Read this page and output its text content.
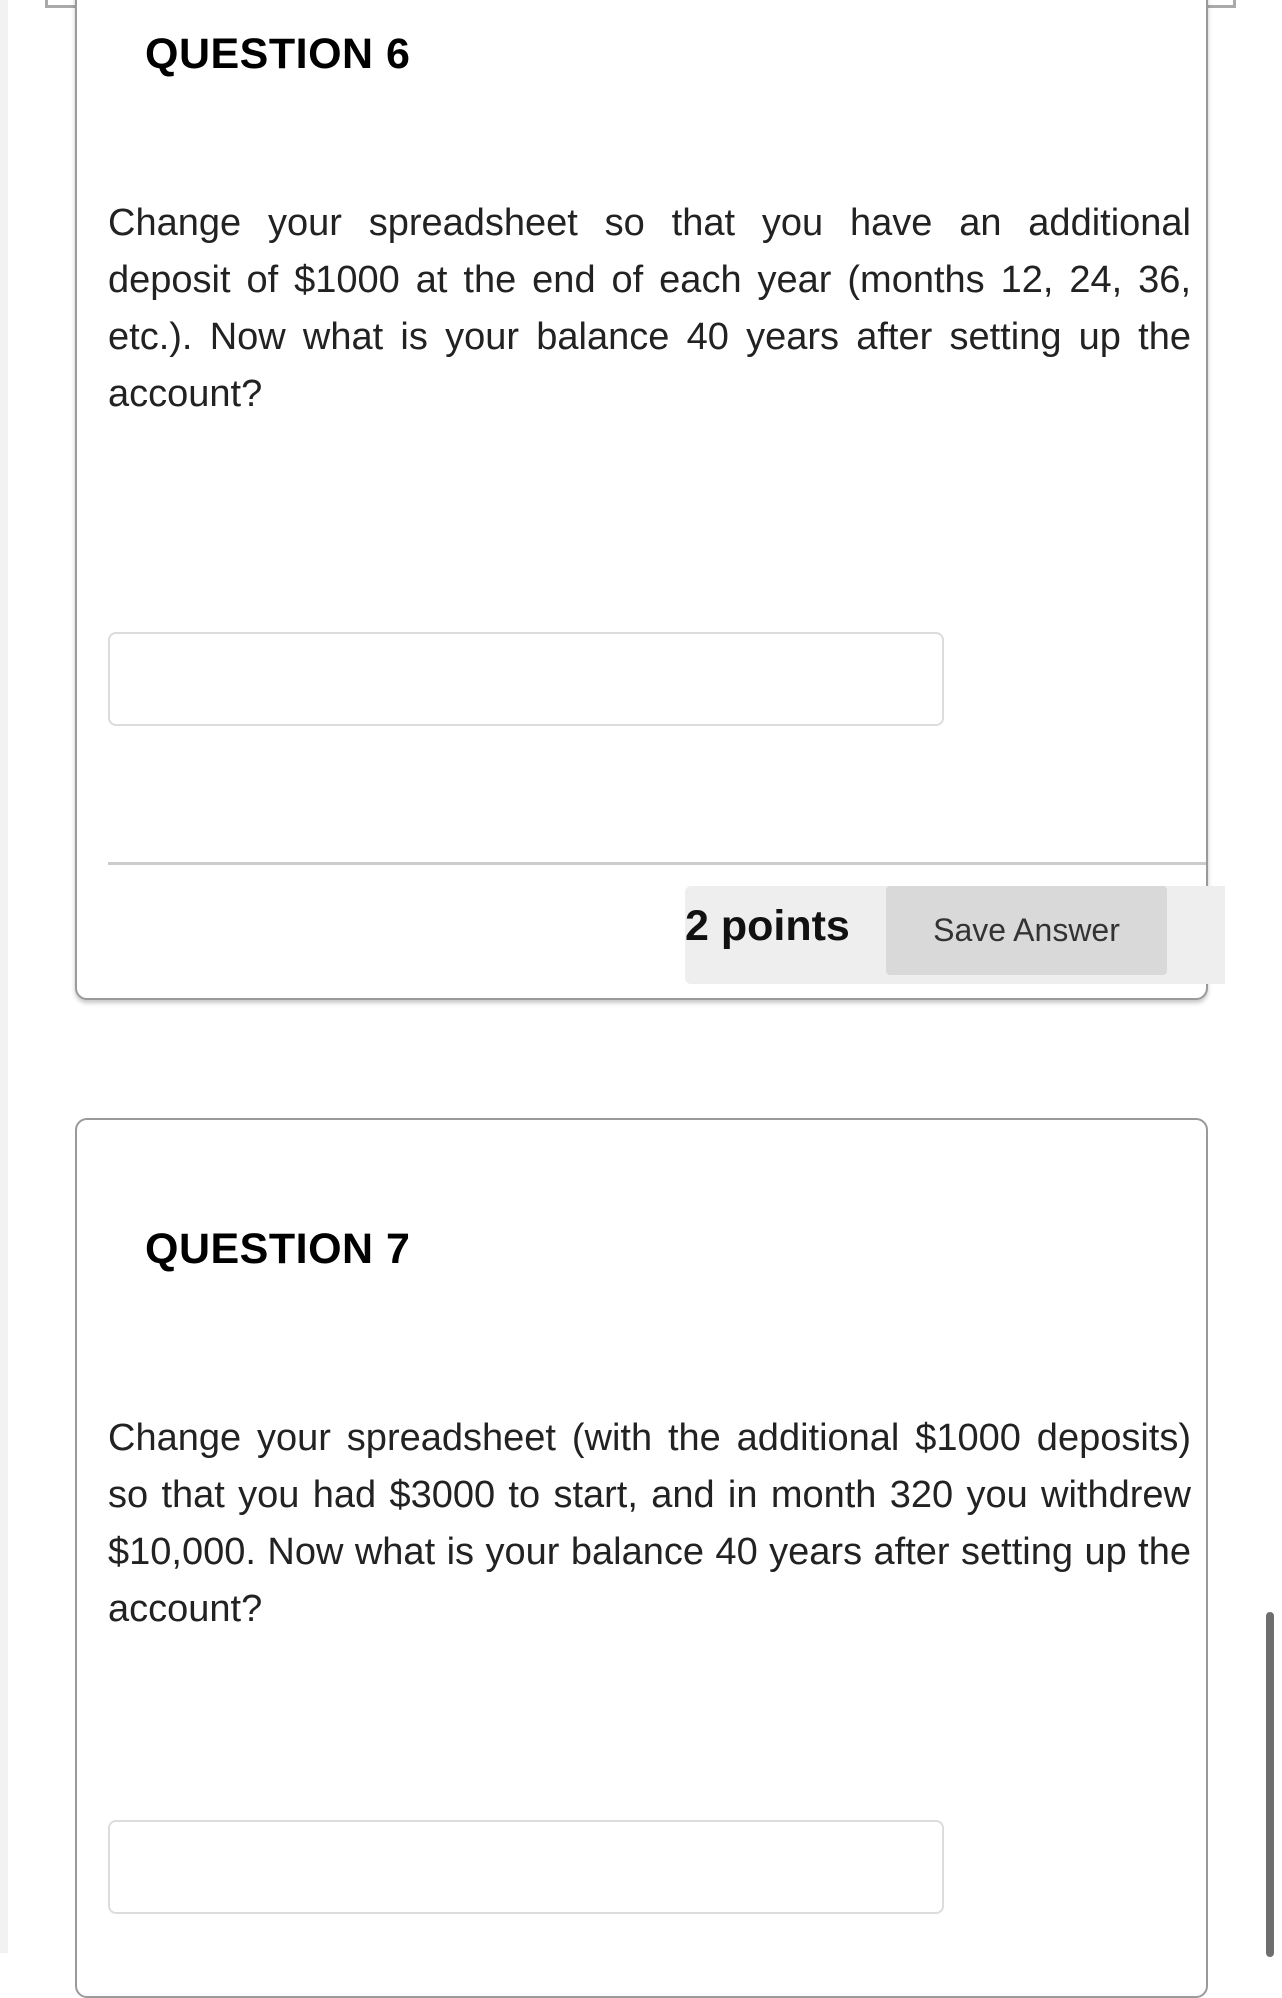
QUESTION 6

Change your spreadsheet so that you have an additional deposit of $1000 at the end of each year (months 12, 24, 36, etc.). Now what is your balance 40 years after setting up the account?

2 points	Save Answer
QUESTION 7

Change your spreadsheet (with the additional $1000 deposits) so that you had $3000 to start, and in month 320 you withdrew $10,000. Now what is your balance 40 years after setting up the account?
